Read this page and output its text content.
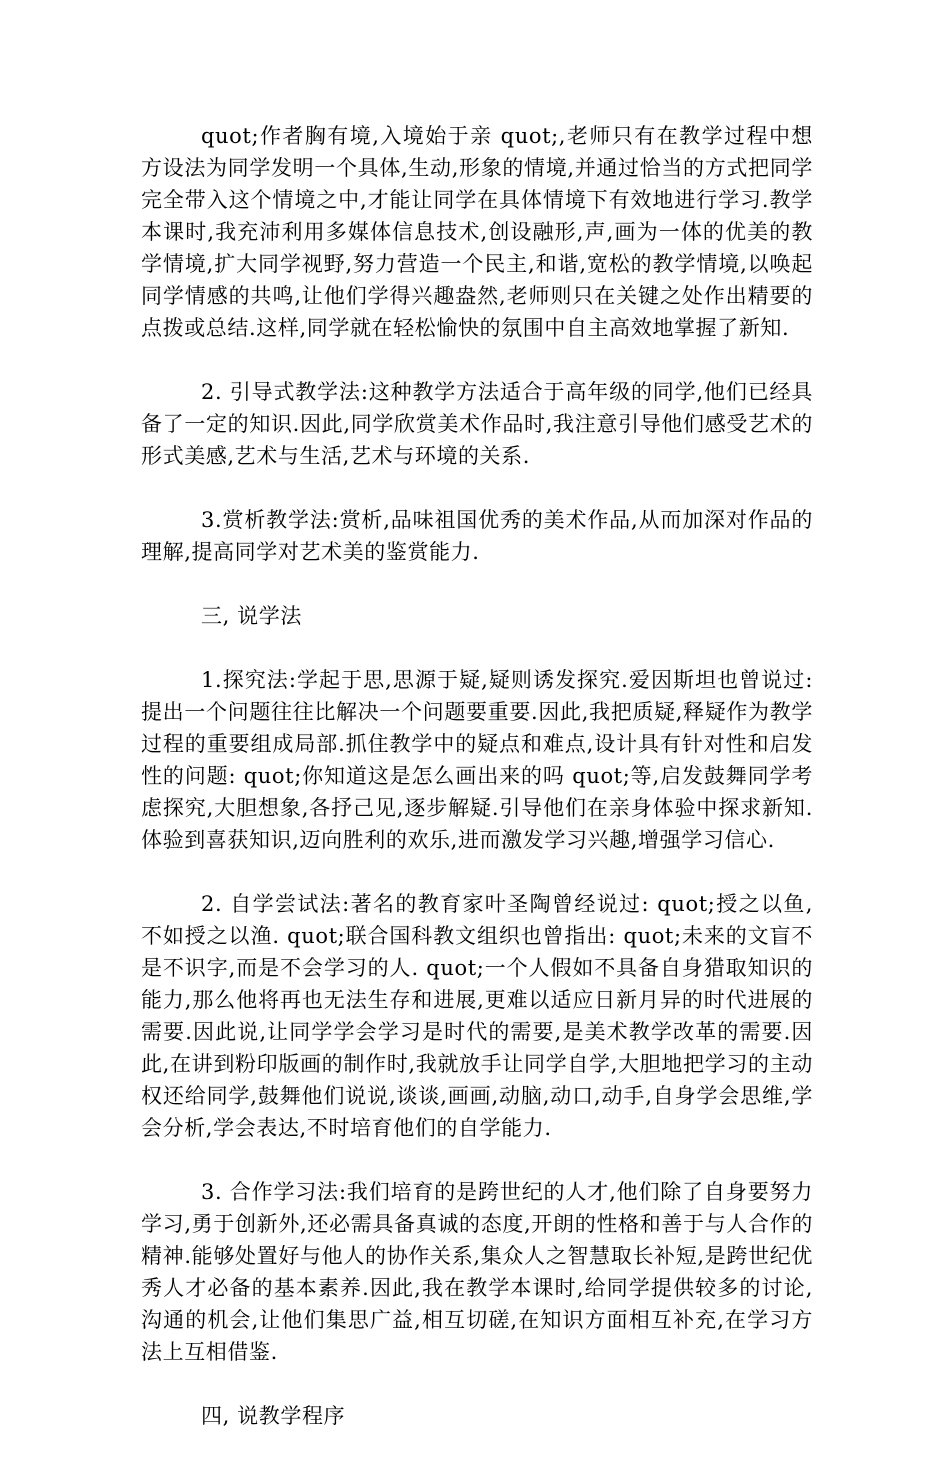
quot;作者胸有境,入境始于亲 quot;,老师只有在教学过程中想方设法为同学发明一个具体,生动,形象的情境,并通过恰当的方式把同学完全带入这个情境之中,才能让同学在具体情境下有效地进行学习.教学本课时,我充沛利用多媒体信息技术,创设融形,声,画为一体的优美的教学情境,扩大同学视野,努力营造一个民主,和谐,宽松的教学情境,以唤起同学情感的共鸣,让他们学得兴趣盎然,老师则只在关键之处作出精要的点拨或总结.这样,同学就在轻松愉快的氛围中自主高效地掌握了新知.

2. 引导式教学法:这种教学方法适合于高年级的同学,他们已经具备了一定的知识.因此,同学欣赏美术作品时,我注意引导他们感受艺术的形式美感,艺术与生活,艺术与环境的关系.

3.赏析教学法:赏析,品味祖国优秀的美术作品,从而加深对作品的理解,提高同学对艺术美的鉴赏能力.

三, 说学法

1.探究法:学起于思,思源于疑,疑则诱发探究.爱因斯坦也曾说过:提出一个问题往往比解决一个问题要重要.因此,我把质疑,释疑作为教学过程的重要组成局部.抓住教学中的疑点和难点,设计具有针对性和启发性的问题: quot;你知道这是怎么画出来的吗 quot;等,启发鼓舞同学考虑探究,大胆想象,各抒己见,逐步解疑.引导他们在亲身体验中探求新知.体验到喜获知识,迈向胜利的欢乐,进而激发学习兴趣,增强学习信心.

2. 自学尝试法:著名的教育家叶圣陶曾经说过: quot;授之以鱼,不如授之以渔. quot;联合国科教文组织也曾指出: quot;未来的文盲不是不识字,而是不会学习的人. quot;一个人假如不具备自身猎取知识的能力,那么他将再也无法生存和进展,更难以适应日新月异的时代进展的需要.因此说,让同学学会学习是时代的需要,是美术教学改革的需要.因此,在讲到粉印版画的制作时,我就放手让同学自学,大胆地把学习的主动权还给同学,鼓舞他们说说,谈谈,画画,动脑,动口,动手,自身学会思维,学会分析,学会表达,不时培育他们的自学能力.

3. 合作学习法:我们培育的是跨世纪的人才,他们除了自身要努力学习,勇于创新外,还必需具备真诚的态度,开朗的性格和善于与人合作的精神.能够处置好与他人的协作关系,集众人之智慧取长补短,是跨世纪优秀人才必备的基本素养.因此,我在教学本课时,给同学提供较多的讨论,沟通的机会,让他们集思广益,相互切磋,在知识方面相互补充,在学习方法上互相借鉴.

四, 说教学程序
